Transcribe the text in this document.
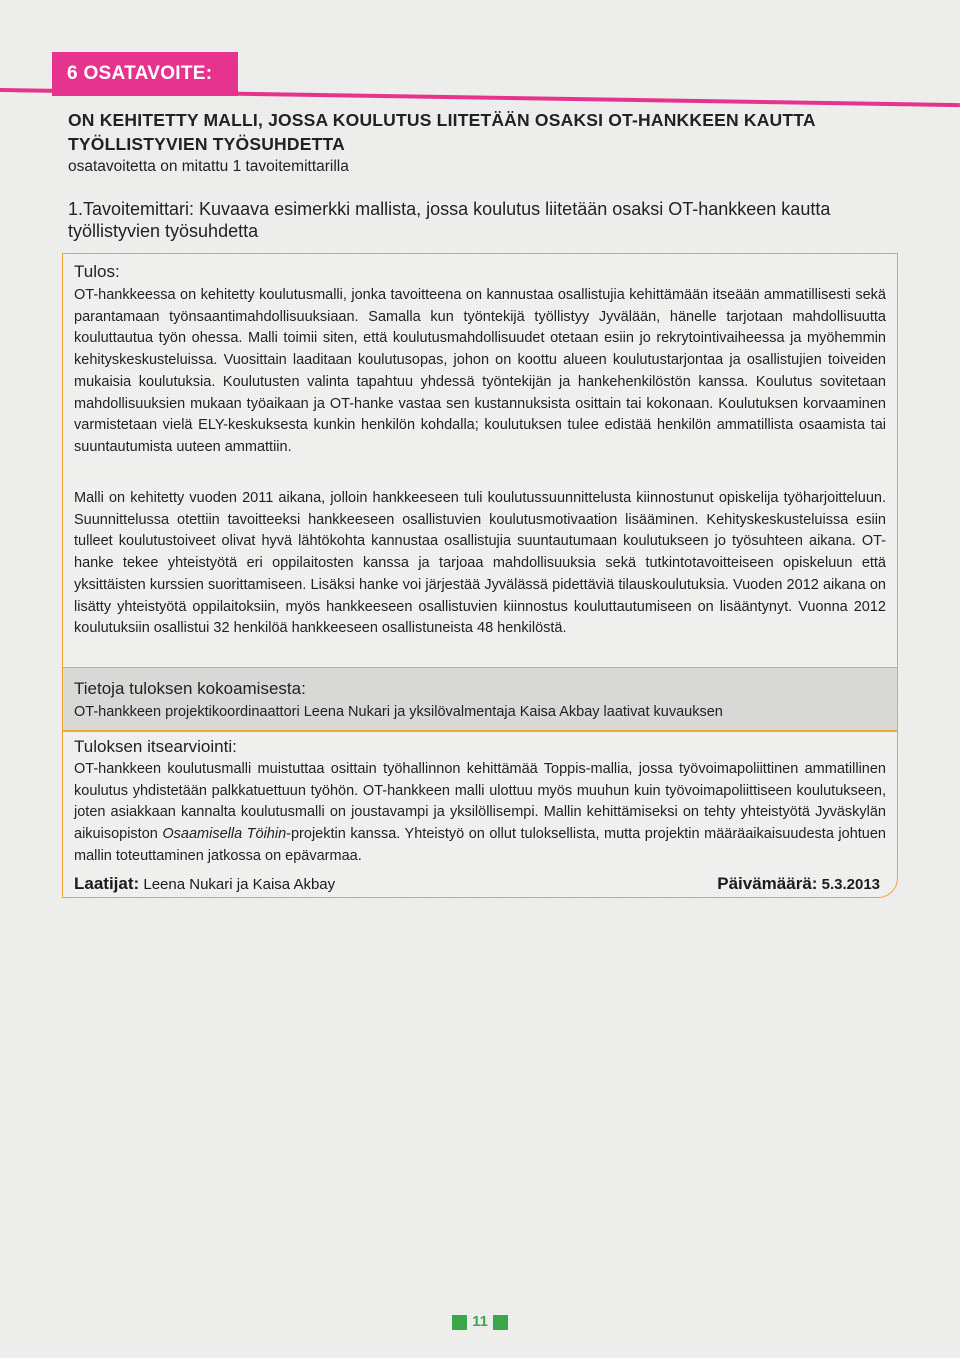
6 OSATAVOITE:
ON KEHITETTY MALLI, JOSSA KOULUTUS LIITETÄÄN OSAKSI OT-HANKKEEN KAUTTA TYÖLLISTYVIEN TYÖSUHDETTA
osatavoitetta on mitattu 1 tavoitemittarilla
1.Tavoitemittari: Kuvaava esimerkki mallista, jossa koulutus liitetään osaksi OT-hankkeen kautta työllistyvien työsuhdetta
Tulos:

OT-hankkeessa on kehitetty koulutusmalli, jonka tavoitteena on kannustaa osallistujia kehittämään itseään ammatillisesti sekä parantamaan työnsaantimahdollisuuksiaan. Samalla kun työntekijä työllistyy Jyvälään, hänelle tarjotaan mahdollisuutta kouluttautua työn ohessa. Malli toimii siten, että koulutusmahdollisuudet otetaan esiin jo rekrytointivaiheessa ja myöhemmin kehityskeskusteluissa. Vuosittain laaditaan koulutusopas, johon on koottu alueen koulutustarjontaa ja osallistujien toiveiden mukaisia koulutuksia. Koulutusten valinta tapahtuu yhdessä työntekijän ja hankehenkilöstön kanssa. Koulutus sovitetaan mahdollisuuksien mukaan työaikaan ja OT-hanke vastaa sen kustannuksista osittain tai kokonaan. Koulutuksen korvaaminen varmistetaan vielä ELY-keskuksesta kunkin henkilön kohdalla; koulutuksen tulee edistää henkilön ammatillista osaamista tai suuntautumista uuteen ammattiin.

Malli on kehitetty vuoden 2011 aikana, jolloin hankkeeseen tuli koulutussuunnittelusta kiinnostunut opiskelija työharjoitteluun. Suunnittelussa otettiin tavoitteeksi hankkeeseen osallistuvien koulutusmotivaation lisääminen. Kehityskeskusteluissa esiin tulleet koulutustoiveet olivat hyvä lähtökohta kannustaa osallistujia suuntautumaan koulutukseen jo työsuhteen aikana. OT-hanke tekee yhteistyötä eri oppilaitosten kanssa ja tarjoaa mahdollisuuksia sekä tutkintotavoitteiseen opiskeluun että yksittäisten kurssien suorittamiseen. Lisäksi hanke voi järjestää Jyvälässä pidettäviä tilauskoulutuksia. Vuoden 2012 aikana on lisätty yhteistyötä oppilaitoksiin, myös hankkeeseen osallistuvien kiinnostus kouluttautumiseen on lisääntynyt. Vuonna 2012 koulutuksiin osallistui 32 henkilöä hankkeeseen osallistuneista 48 henkilöstä.

Tietoja tuloksen kokoamisesta:

OT-hankkeen projektikoordinaattori Leena Nukari ja yksilövalmentaja Kaisa Akbay laativat kuvauksen

Tuloksen itsearviointi:

OT-hankkeen koulutusmalli muistuttaa osittain työhallinnon kehittämää Toppis-mallia, jossa työvoimapoliittinen ammatillinen koulutus yhdistetään palkkatuettuun työhön. OT-hankkeen malli ulottuu myös muuhun kuin työvoimapoliittiseen koulutukseen, joten asiakkaan kannalta koulutusmalli on joustavampi ja yksilöllisempi. Mallin kehittämiseksi on tehty yhteistyötä Jyväskylän aikuisopiston Osaamisella Töihin-projektin kanssa. Yhteistyö on ollut tuloksellista, mutta projektin määräaikaisuudesta johtuen mallin toteuttaminen jatkossa on epävarmaa.

Laatijat: Leena Nukari ja Kaisa Akbay	Päivämäärä: 5.3.2013
11
